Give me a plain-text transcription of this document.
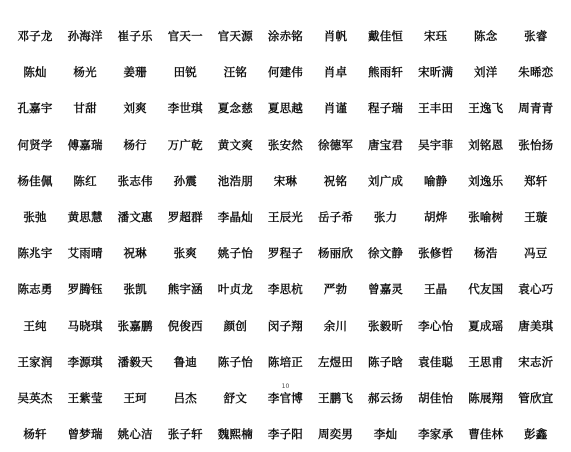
邓子龙	孙海洋	崔子乐	官天一	官天源	涂赤铭	肖帆	戴佳恒	宋珏	陈念	张睿
陈灿	杨光	姜珊	田锐	汪铭	何建伟	肖卓	熊雨轩	宋昕满	刘洋	朱晞恋
孔嘉宇	甘甜	刘爽	李世琪	夏念慈	夏思越	肖谨	程子瑞	王丰田	王逸飞	周青青
何贤学	傅嘉瑞	杨行	万广乾	黄文爽	张安然	徐德军	唐宝君	吴宇菲	刘铭恩	张怡扬
杨佳佩	陈红	张志伟	孙震	池浩朋	宋琳	祝铭	刘广成	喻静	刘逸乐	郑轩
张弛	黄思慧	潘文惠	罗超群	李晶灿	王辰光	岳子希	张力	胡烨	张喻树	王璇
陈兆宇	艾雨晴	祝琳	张爽	姚子怡	罗程子	杨丽欣	徐文静	张修哲	杨浩	冯豆
陈志勇	罗腾钰	张凯	熊宇涵	叶贞龙	李思杭	严勃	曾嘉灵	王晶	代友国	袁心巧
王纯	马晓琪	张嘉鹏	倪俊西	颜创	闵子翔	余川	张毅昕	李心怡	夏成瑶	唐美琪
王家润	李源琪	潘毅天	鲁迪	陈子怡	陈培正	左煜田	陈子晗	袁佳聪	王思甫	宋志沂
吴英杰	王紫莹	王珂	吕杰	舒文	李官博	王鹏飞	郝云扬	胡佳怡	陈展翔	管欣宜
杨轩	曾梦瑞	姚心洁	张子轩	魏熙楠	李子阳	周奕男	李灿	李家承	曹佳林	彭鑫
10
